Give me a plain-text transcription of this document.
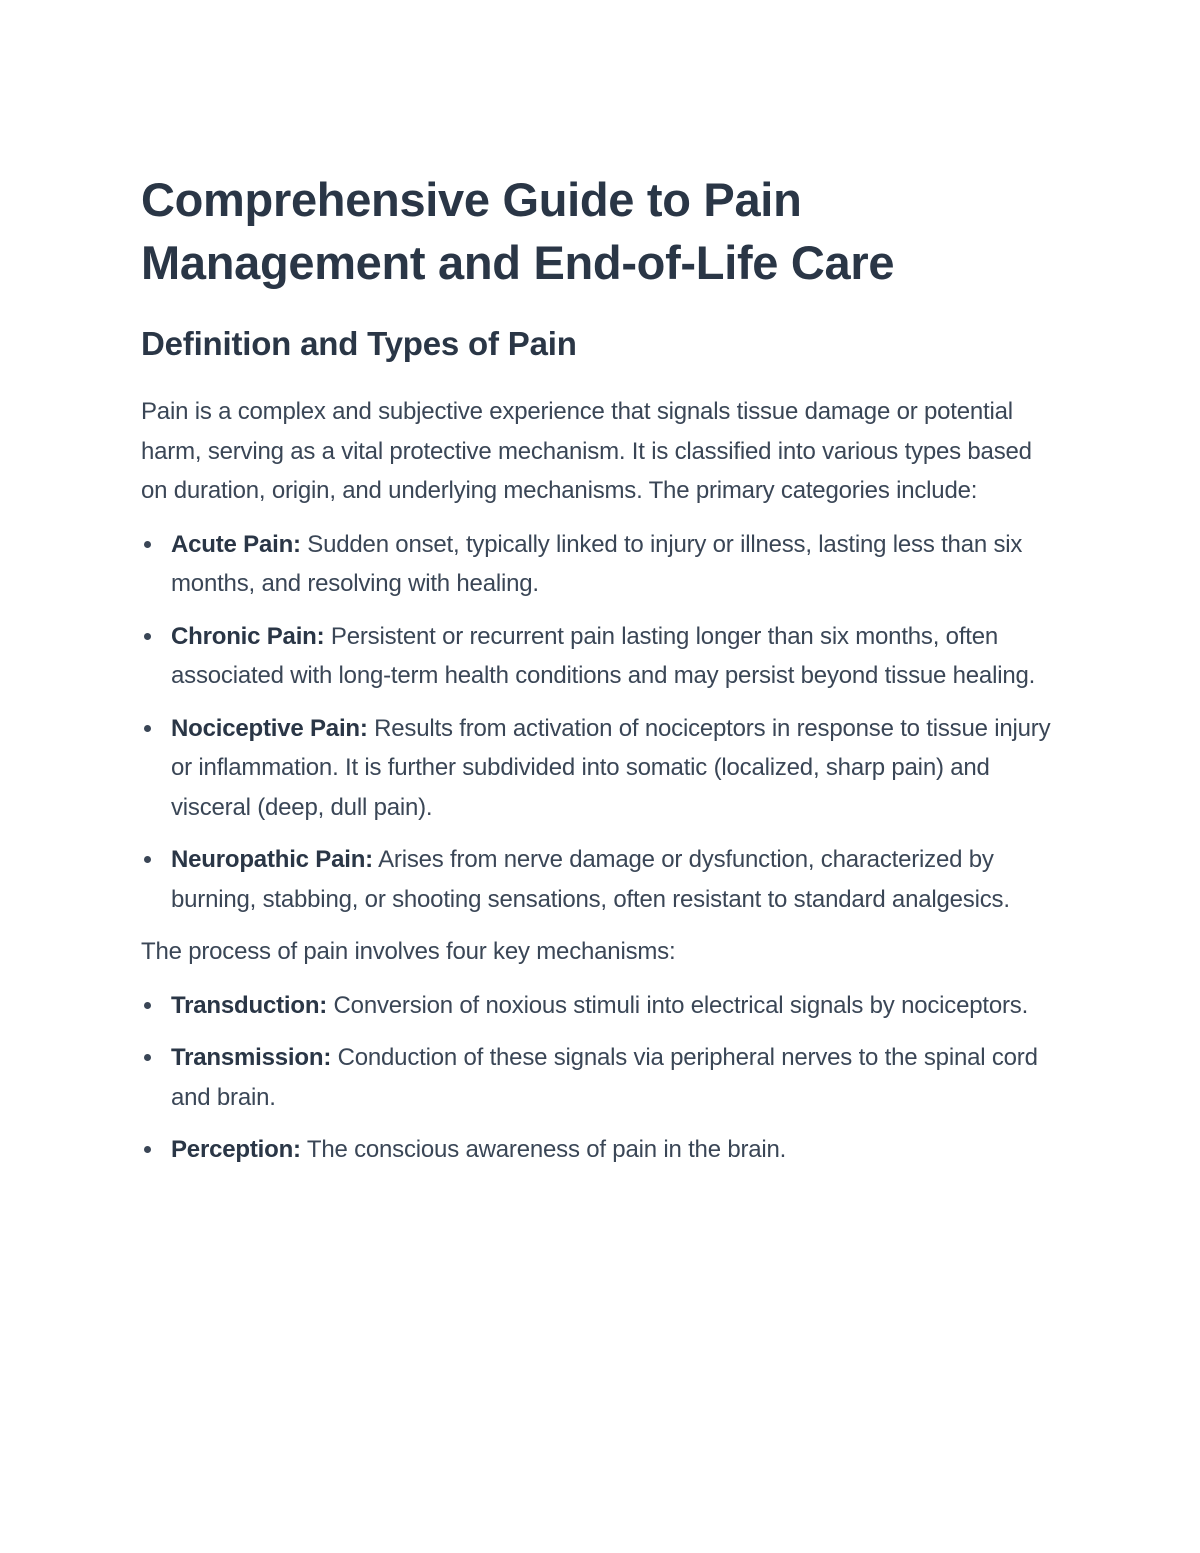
Comprehensive Guide to Pain Management and End-of-Life Care
Definition and Types of Pain

Pain is a complex and subjective experience that signals tissue damage or potential harm, serving as a vital protective mechanism. It is classified into various types based on duration, origin, and underlying mechanisms. The primary categories include:

Acute Pain: Sudden onset, typically linked to injury or illness, lasting less than six months, and resolving with healing.
Chronic Pain: Persistent or recurrent pain lasting longer than six months, often associated with long-term health conditions and may persist beyond tissue healing.
Nociceptive Pain: Results from activation of nociceptors in response to tissue injury or inflammation. It is further subdivided into somatic (localized, sharp pain) and visceral (deep, dull pain).
Neuropathic Pain: Arises from nerve damage or dysfunction, characterized by burning, stabbing, or shooting sensations, often resistant to standard analgesics.

The process of pain involves four key mechanisms:

Transduction: Conversion of noxious stimuli into electrical signals by nociceptors.
Transmission: Conduction of these signals via peripheral nerves to the spinal cord and brain.
Perception: The conscious awareness of pain in the brain.
